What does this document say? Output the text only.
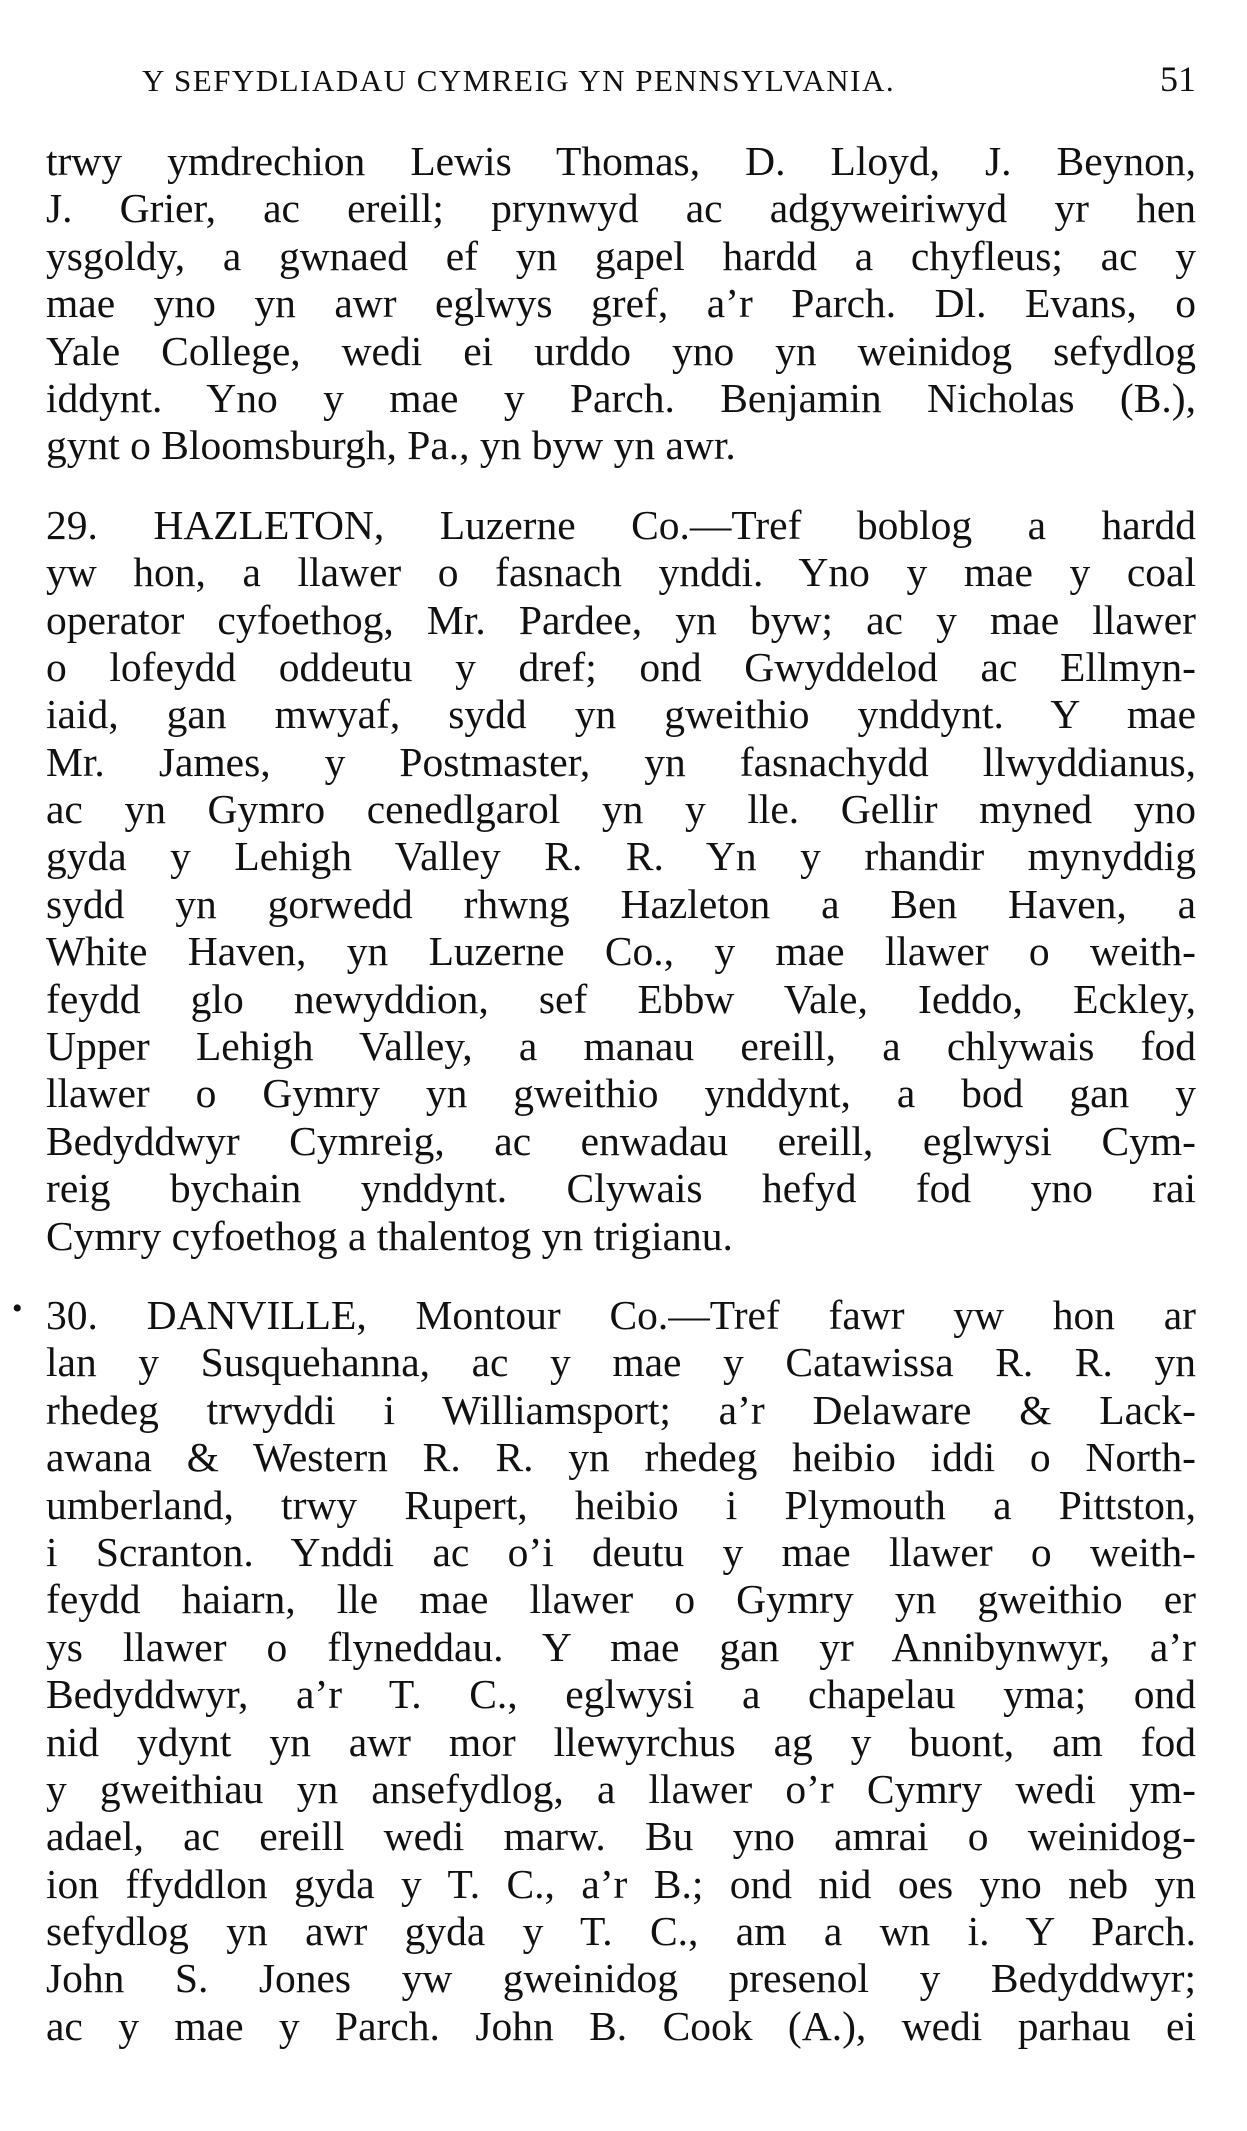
Y SEFYDLIADAU CYMREIG YN PENNSYLVANIA.	51
trwy ymdrechion Lewis Thomas, D. Lloyd, J. Beynon,
J. Grier, ac ereill; prynwyd ac adgyweiriwyd yr hen
ysgoldy, a gwnaed ef yn gapel hardd a chyfleus; ac y
mae yno yn awr eglwys gref, a’r Parch. Dl. Evans, o
Yale College, wedi ei urddo yno yn weinidog sefydlog
iddynt. Yno y mae y Parch. Benjamin Nicholas (B.),
gynt o Bloomsburgh, Pa., yn byw yn awr.
29. HAZLETON, Luzerne Co.—Tref boblog a hardd
yw hon, a llawer o fasnach ynddi. Yno y mae y coal
operator cyfoethog, Mr. Pardee, yn byw; ac y mae llawer
o lofeydd oddeutu y dref; ond Gwyddelod ac Ellmyn-
iaid, gan mwyaf, sydd yn gweithio ynddynt. Y mae
Mr. James, y Postmaster, yn fasnachydd llwyddianus,
ac yn Gymro cenedlgarol yn y lle. Gellir myned yno
gyda y Lehigh Valley R. R. Yn y rhandir mynyddig
sydd yn gorwedd rhwng Hazleton a Ben Haven, a
White Haven, yn Luzerne Co., y mae llawer o weith-
feydd glo newyddion, sef Ebbw Vale, Ieddo, Eckley,
Upper Lehigh Valley, a manau ereill, a chlywais fod
llawer o Gymry yn gweithio ynddynt, a bod gan y
Bedyddwyr Cymreig, ac enwadau ereill, eglwysi Cym-
reig bychain ynddynt. Clywais hefyd fod yno rai
Cymry cyfoethog a thalentog yn trigianu.
• 30. DANVILLE, Montour Co.—Tref fawr yw hon ar
lan y Susquehanna, ac y mae y Catawissa R. R. yn
rhedeg trwyddi i Williamsport; a’r Delaware & Lack-
awana & Western R. R. yn rhedeg heibio iddi o North-
umberland, trwy Rupert, heibio i Plymouth a Pittston,
i Scranton. Ynddi ac o’i deutu y mae llawer o weith-
feydd haiarn, lle mae llawer o Gymry yn gweithio er
ys llawer o flyneddau. Y mae gan yr Annibynwyr, a’r
Bedyddwyr, a’r T. C., eglwysi a chapelau yma; ond
nid ydynt yn awr mor llewyrchus ag y buont, am fod
y gweithiau yn ansefydlog, a llawer o’r Cymry wedi ym-
adael, ac ereill wedi marw. Bu yno amrai o weinidog-
ion ffyddlon gyda y T. C., a’r B.; ond nid oes yno neb yn
sefydlog yn awr gyda y T. C., am a wn i. Y Parch.
John S. Jones yw gweinidog presenol y Bedyddwyr;
ac y mae y Parch. John B. Cook (A.), wedi parhau ei
